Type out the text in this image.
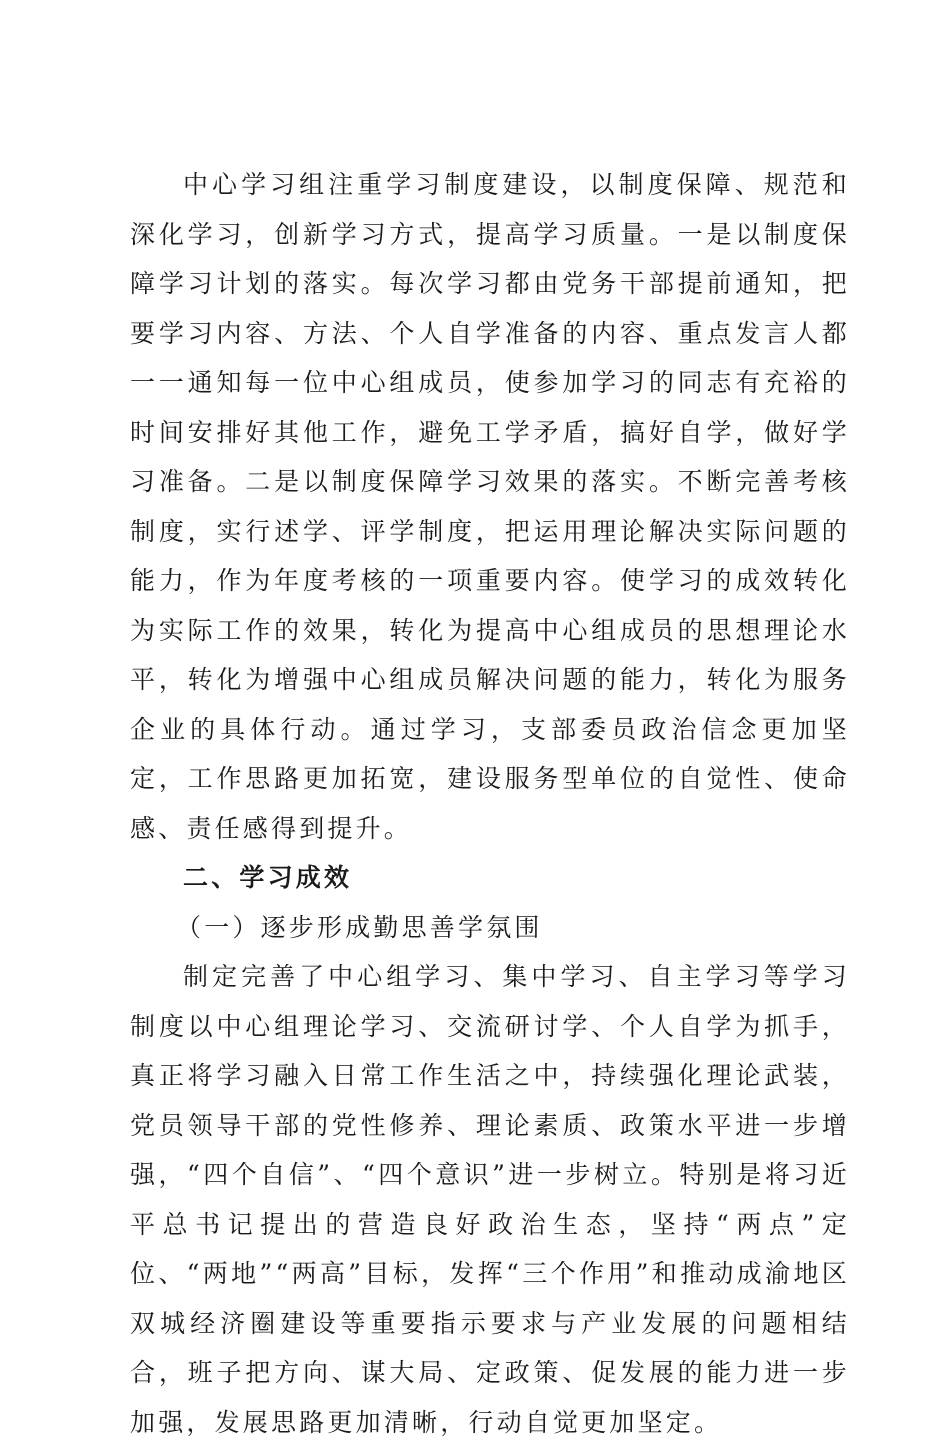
中心学习组注重学习制度建设，以制度保障、规范和深化学习，创新学习方式，提高学习质量。一是以制度保障学习计划的落实。每次学习都由党务干部提前通知，把要学习内容、方法、个人自学准备的内容、重点发言人都一一通知每一位中心组成员，使参加学习的同志有充裕的时间安排好其他工作，避免工学矛盾，搞好自学，做好学习准备。二是以制度保障学习效果的落实。不断完善考核制度，实行述学、评学制度，把运用理论解决实际问题的能力，作为年度考核的一项重要内容。使学习的成效转化为实际工作的效果，转化为提高中心组成员的思想理论水平，转化为增强中心组成员解决问题的能力，转化为服务企业的具体行动。通过学习，支部委员政治信念更加坚定，工作思路更加拓宽，建设服务型单位的自觉性、使命感、责任感得到提升。

二、学习成效

（一）逐步形成勤思善学氛围

制定完善了中心组学习、集中学习、自主学习等学习制度以中心组理论学习、交流研讨学、个人自学为抓手，真正将学习融入日常工作生活之中，持续强化理论武装，党员领导干部的党性修养、理论素质、政策水平进一步增强，“四个自信”、“四个意识”进一步树立。特别是将习近平总书记提出的营造良好政治生态，坚持“两点”定位、“两地”“两高”目标，发挥“三个作用”和推动成渝地区双城经济圈建设等重要指示要求与产业发展的问题相结合，班子把方向、谋大局、定政策、促发展的能力进一步加强，发展思路更加清晰，行动自觉更加坚定。
